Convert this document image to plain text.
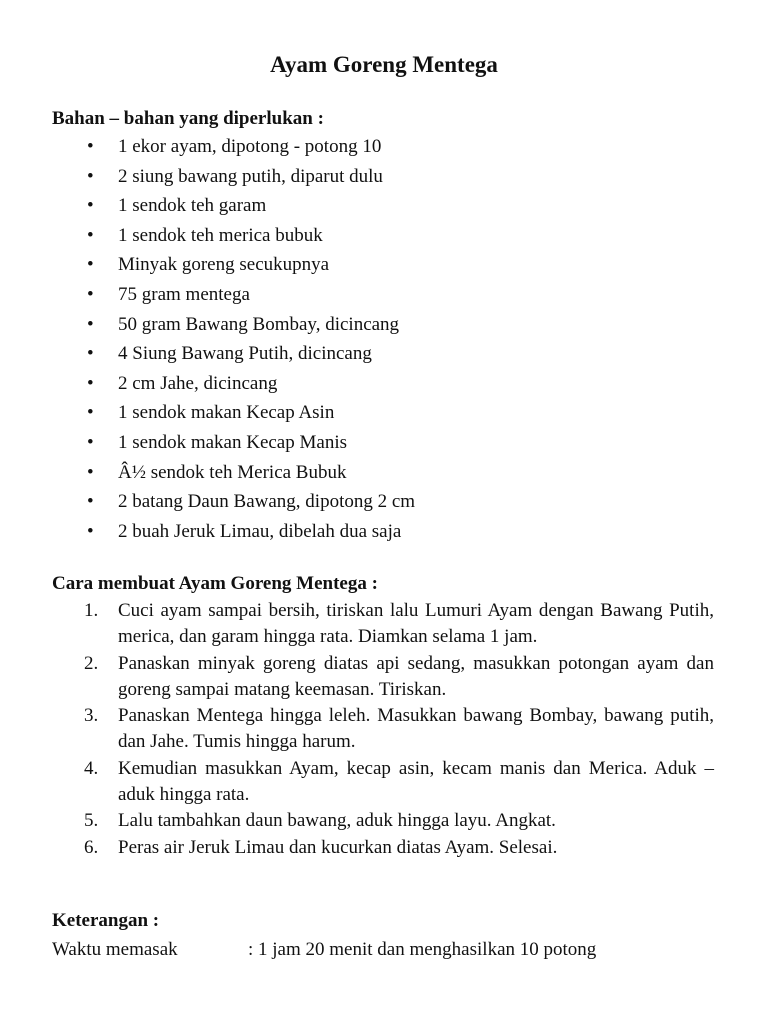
Ayam Goreng Mentega
Bahan – bahan yang diperlukan :
• 1 ekor ayam, dipotong - potong 10
• 2 siung bawang putih, diparut dulu
• 1 sendok teh garam
• 1 sendok teh merica bubuk
• Minyak goreng secukupnya
• 75 gram mentega
• 50 gram Bawang Bombay, dicincang
• 4 Siung Bawang Putih, dicincang
• 2 cm Jahe, dicincang
• 1 sendok makan Kecap Asin
• 1 sendok makan Kecap Manis
• Â½ sendok teh Merica Bubuk
• 2 batang Daun Bawang, dipotong 2 cm
• 2 buah Jeruk Limau, dibelah dua saja
Cara membuat Ayam Goreng Mentega :
1. Cuci ayam sampai bersih, tiriskan lalu Lumuri Ayam dengan Bawang Putih, merica, dan garam hingga rata. Diamkan selama 1 jam.
2. Panaskan minyak goreng diatas api sedang, masukkan potongan ayam dan goreng sampai matang keemasan. Tiriskan.
3. Panaskan Mentega hingga leleh. Masukkan bawang Bombay, bawang putih, dan Jahe. Tumis hingga harum.
4. Kemudian masukkan Ayam, kecap asin, kecam manis dan Merica. Aduk – aduk hingga rata.
5. Lalu tambahkan daun bawang, aduk hingga layu. Angkat.
6. Peras air Jeruk Limau dan kucurkan diatas Ayam. Selesai.
Keterangan :
Waktu memasak	: 1 jam 20 menit dan menghasilkan 10 potong
